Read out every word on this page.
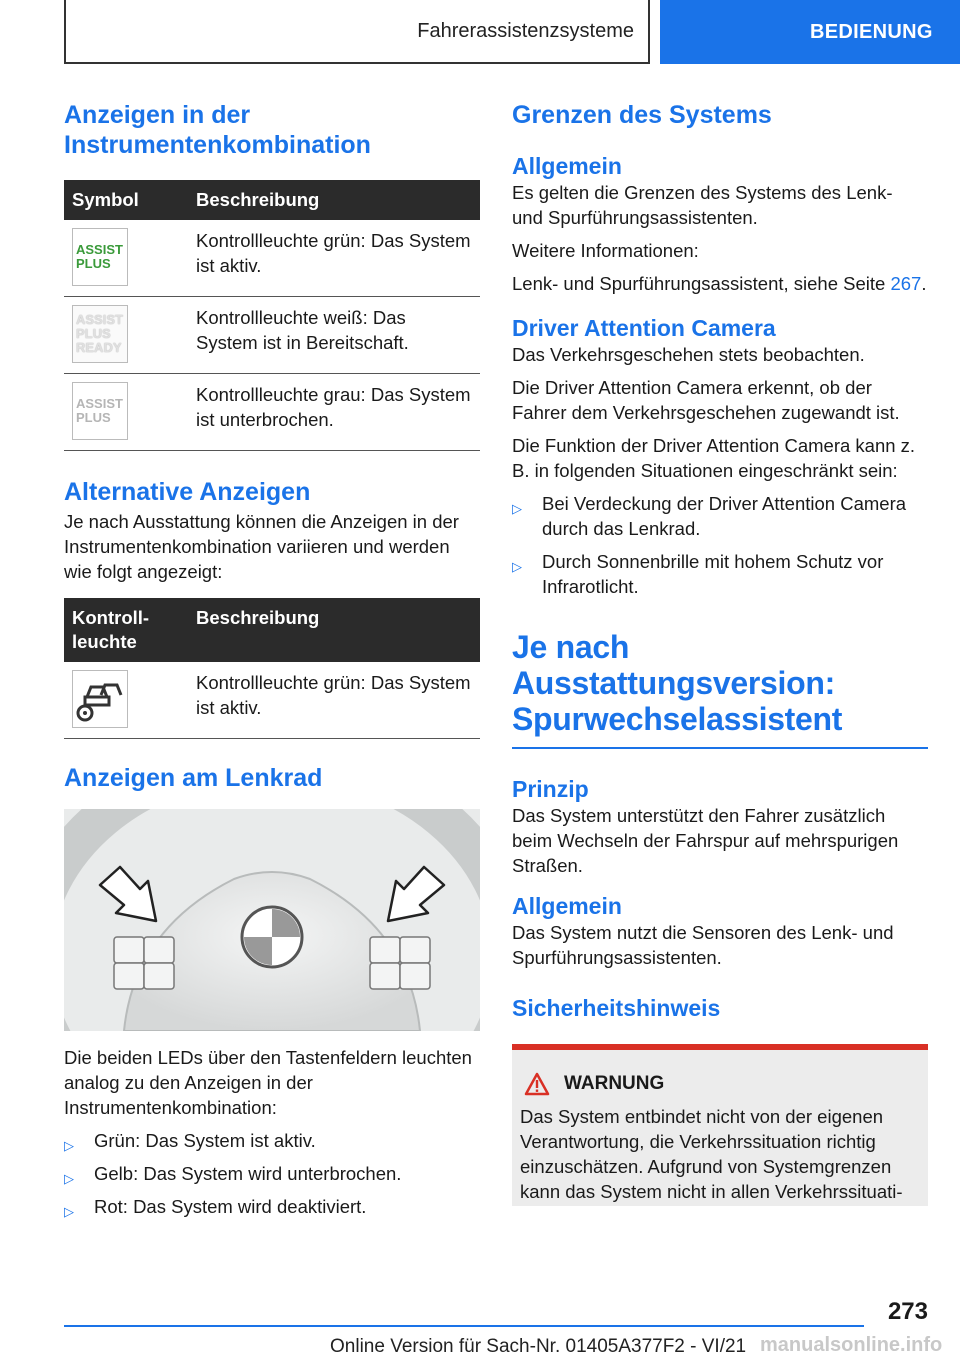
Fahrerassistenzsysteme	BEDIENUNG
Anzeigen in der Instrumentenkombination
Symbol	Beschreibung

ASSIST PLUS	Kontrollleuchte grün: Das System ist aktiv.

ASSIST PLUS READY	Kontrollleuchte weiß: Das System ist in Bereitschaft.

ASSIST PLUS	Kontrollleuchte grau: Das System ist unterbrochen.
Alternative Anzeigen

Je nach Ausstattung können die Anzeigen in der Instrumentenkombination variieren und werden wie folgt angezeigt:

Kontrollleuchte	Beschreibung

	Kontrollleuchte grün: Das System ist aktiv.
Anzeigen am Lenkrad

Die beiden LEDs über den Tastenfeldern leuchten analog zu den Anzeigen in der Instrumentenkombination:

▷ Grün: Das System ist aktiv.
▷ Gelb: Das System wird unterbrochen.
▷ Rot: Das System wird deaktiviert.
Grenzen des Systems
Allgemein

Es gelten die Grenzen des Systems des Lenk- und Spurführungsassistenten.

Weitere Informationen:

Lenk- und Spurführungsassistent, siehe Seite 267.

Driver Attention Camera

Das Verkehrsgeschehen stets beobachten.

Die Driver Attention Camera erkennt, ob der Fahrer dem Verkehrsgeschehen zugewandt ist.

Die Funktion der Driver Attention Camera kann z. B. in folgenden Situationen eingeschränkt sein:

▷ Bei Verdeckung der Driver Attention Camera durch das Lenkrad.
▷ Durch Sonnenbrille mit hohem Schutz vor Infrarotlicht.
Je nach Ausstattungsversion: Spurwechselassistent
Prinzip

Das System unterstützt den Fahrer zusätzlich beim Wechseln der Fahrspur auf mehrspurigen Straßen.

Allgemein

Das System nutzt die Sensoren des Lenk- und Spurführungsassistenten.

Sicherheitshinweis
WARNUNG

Das System entbindet nicht von der eigenen Verantwortung, die Verkehrssituation richtig einzuschätzen. Aufgrund von Systemgrenzen kann das System nicht in allen Verkehrssituati-

273
Online Version für Sach-Nr. 01405A377F2 - VI/21 manualsonline.info
